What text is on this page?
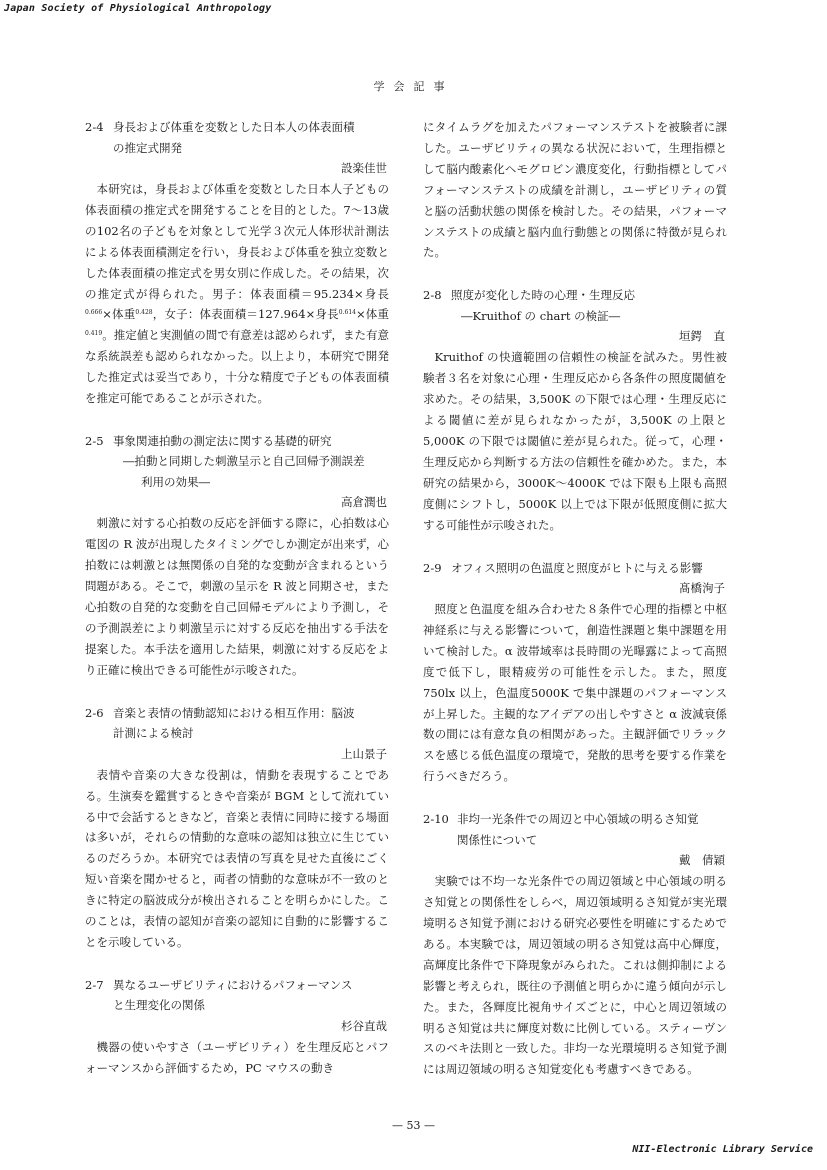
Japan Society of Physiological Anthropology
学会記事
2-4 身長および体重を変数とした日本人の体表面積
の推定式開発
設楽佳世

本研究は，身長および体重を変数とした日本人子どもの体表面積の推定式を開発することを目的とした。7～13歳の102名の子どもを対象として光学３次元人体形状計測法による体表面積測定を行い，身長および体重を独立変数とした体表面積の推定式を男女別に作成した。その結果，次の推定式が得られた。男子：体表面積＝95.234×身長$^{0.666}$×体重$^{0.428}$，女子：体表面積＝127.964×身長$^{0.614}$×体重$^{0.419}$。推定値と実測値の間で有意差は認められず，また有意な系統誤差も認められなかった。以上より，本研究で開発した推定式は妥当であり，十分な精度で子どもの体表面積を推定可能であることが示された。

2-5 事象関連拍動の測定法に関する基礎的研究
―拍動と同期した刺激呈示と自己回帰予測誤差
利用の効果―
高倉潤也

刺激に対する心拍数の反応を評価する際に，心拍数は心電図の R 波が出現したタイミングでしか測定が出来ず，心拍数には刺激とは無関係の自発的な変動が含まれるという問題がある。そこで，刺激の呈示を R 波と同期させ，また心拍数の自発的な変動を自己回帰モデルにより予測し，その予測誤差により刺激呈示に対する反応を抽出する手法を提案した。本手法を適用した結果，刺激に対する反応をより正確に検出できる可能性が示唆された。

2-6 音楽と表情の情動認知における相互作用：脳波
計測による検討
上山景子

表情や音楽の大きな役割は，情動を表現することである。生演奏を鑑賞するときや音楽が BGM として流れている中で会話するときなど，音楽と表情に同時に接する場面は多いが，それらの情動的な意味の認知は独立に生じているのだろうか。本研究では表情の写真を見せた直後にごく短い音楽を聞かせると，両者の情動的な意味が不一致のときに特定の脳波成分が検出されることを明らかにした。このことは，表情の認知が音楽の認知に自動的に影響することを示唆している。

2-7 異なるユーザビリティにおけるパフォーマンス
と生理変化の関係
杉谷直哉

機器の使いやすさ（ユーザビリティ）を生理反応とパフォーマンスから評価するため，PC マウスの動き

にタイムラグを加えたパフォーマンステストを被験者に課した。ユーザビリティの異なる状況において，生理指標として脳内酸素化ヘモグロビン濃度変化，行動指標としてパフォーマンステストの成績を計測し，ユーザビリティの質と脳の活動状態の関係を検討した。その結果，パフォーマンステストの成績と脳内血行動態との関係に特徴が見られた。

2-8 照度が変化した時の心理・生理反応
―Kruithof の chart の検証―
垣鍔　直

Kruithof の快適範囲の信頼性の検証を試みた。男性被験者３名を対象に心理・生理反応から各条件の照度閾値を求めた。その結果，3,500K の下限では心理・生理反応による閾値に差が見られなかったが，3,500K の上限と5,000K の下限では閾値に差が見られた。従って，心理・生理反応から判断する方法の信頼性を確かめた。また，本研究の結果から，3000K～4000K では下限も上限も高照度側にシフトし，5000K 以上では下限が低照度側に拡大する可能性が示唆された。

2-9 オフィス照明の色温度と照度がヒトに与える影響
髙橋洵子

照度と色温度を組み合わせた８条件で心理的指標と中枢神経系に与える影響について，創造性課題と集中課題を用いて検討した。α 波帯域率は長時間の光曝露によって高照度で低下し，眼精疲労の可能性を示した。また，照度750lx 以上，色温度5000K で集中課題のパフォーマンスが上昇した。主観的なアイデアの出しやすさと α 波減衰係数の間には有意な負の相関があった。主観評価でリラックスを感じる低色温度の環境で，発散的思考を要する作業を行うべきだろう。

2-10 非均一光条件での周辺と中心領域の明るさ知覚
関係性について
戴　倩穎

実験では不均一な光条件での周辺領域と中心領域の明るさ知覚との関係性をしらべ，周辺領域明るさ知覚が実光環境明るさ知覚予測における研究必要性を明確にするためである。本実験では，周辺領域の明るさ知覚は高中心輝度，高輝度比条件で下降現象がみられた。これは側抑制による影響と考えられ，既往の予測値と明らかに違う傾向が示した。また，各輝度比視角サイズごとに，中心と周辺領域の明るさ知覚は共に輝度対数に比例している。スティーヴンスのベキ法則と一致した。非均一な光環境明るさ知覚予測には周辺領域の明るさ知覚変化も考慮すべきである。

— 53 —
NII-Electronic Library Service
